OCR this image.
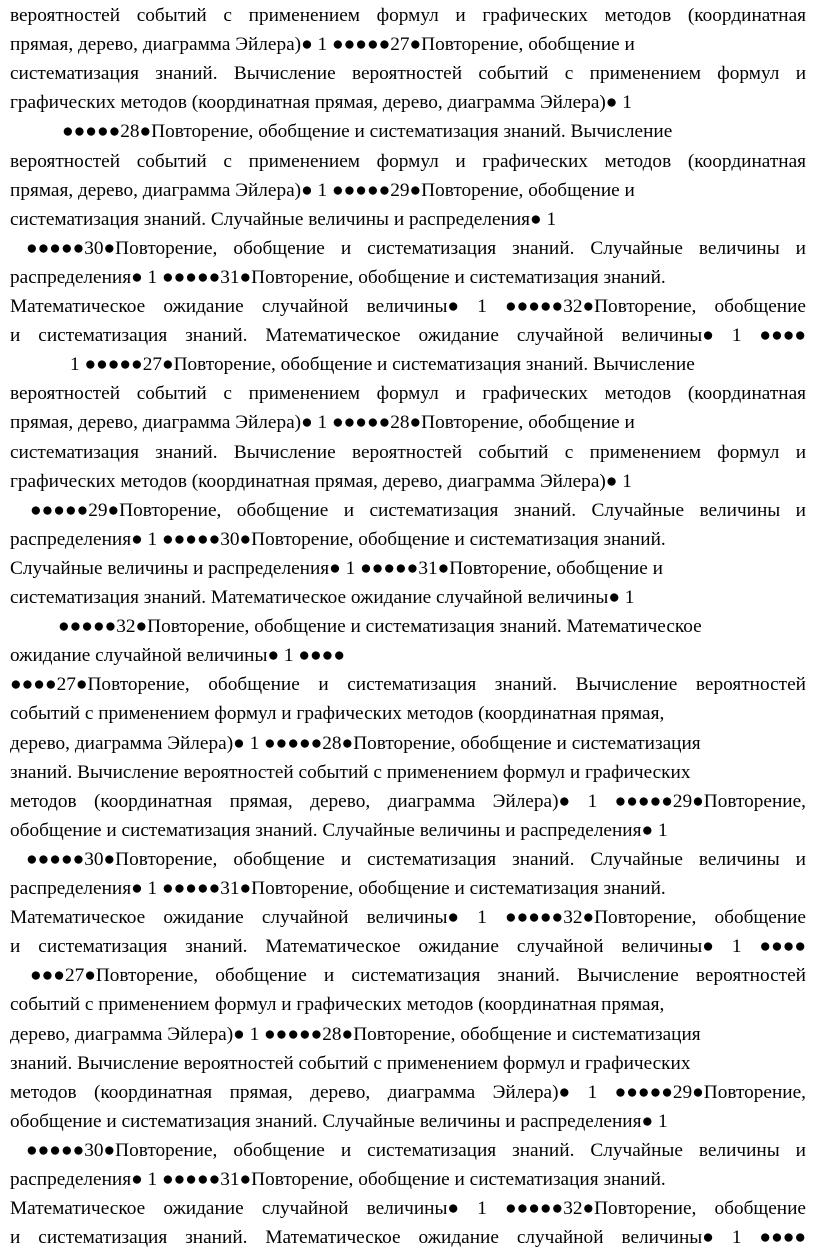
вероятностей событий с применением формул и графических методов (координатная
прямая, дерево, диаграмма Эйлера)● 1 ●●●●●27●Повторение, обобщение и
систематизация знаний. Вычисление вероятностей событий с применением формул и
графических методов (координатная прямая, дерево, диаграмма Эйлера)● 1
●●●●●28●Повторение, обобщение и систематизация знаний. Вычисление
вероятностей событий с применением формул и графических методов (координатная
прямая, дерево, диаграмма Эйлера)● 1 ●●●●●29●Повторение, обобщение и
систематизация знаний. Случайные величины и распределения● 1
●●●●●30●Повторение, обобщение и систематизация знаний. Случайные величины и
распределения● 1 ●●●●●31●Повторение, обобщение и систематизация знаний.
Математическое ожидание случайной величины● 1 ●●●●●32●Повторение, обобщение
и систематизация знаний. Математическое ожидание случайной величины● 1 ●●●●
1 ●●●●●27●Повторение, обобщение и систематизация знаний. Вычисление
вероятностей событий с применением формул и графических методов (координатная
прямая, дерево, диаграмма Эйлера)● 1 ●●●●●28●Повторение, обобщение и
систематизация знаний. Вычисление вероятностей событий с применением формул и
графических методов (координатная прямая, дерево, диаграмма Эйлера)● 1
●●●●●29●Повторение, обобщение и систематизация знаний. Случайные величины и
распределения● 1 ●●●●●30●Повторение, обобщение и систематизация знаний.
Случайные величины и распределения● 1 ●●●●●31●Повторение, обобщение и
систематизация знаний. Математическое ожидание случайной величины● 1
●●●●●32●Повторение, обобщение и систематизация знаний. Математическое
ожидание случайной величины● 1 ●●●●
●●●●27●Повторение, обобщение и систематизация знаний. Вычисление вероятностей
событий с применением формул и графических методов (координатная прямая,
дерево, диаграмма Эйлера)● 1 ●●●●●28●Повторение, обобщение и систематизация
знаний. Вычисление вероятностей событий с применением формул и графических
методов (координатная прямая, дерево, диаграмма Эйлера)● 1 ●●●●●29●Повторение,
обобщение и систематизация знаний. Случайные величины и распределения● 1
●●●●●30●Повторение, обобщение и систематизация знаний. Случайные величины и
распределения● 1 ●●●●●31●Повторение, обобщение и систематизация знаний.
Математическое ожидание случайной величины● 1 ●●●●●32●Повторение, обобщение
и систематизация знаний. Математическое ожидание случайной величины● 1 ●●●●
●●●27●Повторение, обобщение и систематизация знаний. Вычисление вероятностей
событий с применением формул и графических методов (координатная прямая,
дерево, диаграмма Эйлера)● 1 ●●●●●28●Повторение, обобщение и систематизация
знаний. Вычисление вероятностей событий с применением формул и графических
методов (координатная прямая, дерево, диаграмма Эйлера)● 1 ●●●●●29●Повторение,
обобщение и систематизация знаний. Случайные величины и распределения● 1
●●●●●30●Повторение, обобщение и систематизация знаний. Случайные величины и
распределения● 1 ●●●●●31●Повторение, обобщение и систематизация знаний.
Математическое ожидание случайной величины● 1 ●●●●●32●Повторение, обобщение
и систематизация знаний. Математическое ожидание случайной величины● 1 ●●●●
